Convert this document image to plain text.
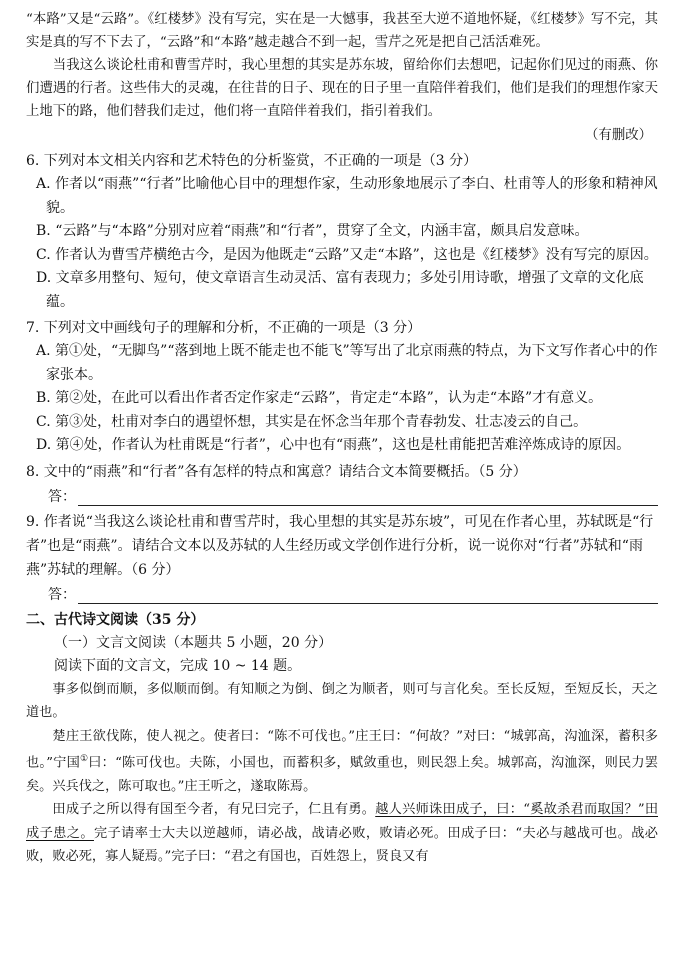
“本路”又是“云路”。《红楼梦》没有写完，实在是一大憾事，我甚至大逆不道地怀疑，《红楼梦》写不完，其实是真的写不下去了，“云路”和“本路”越走越合不到一起，雪芹之死是把自己活活难死。

当我这么谈论杜甫和曹雪芹时，我心里想的其实是苏东坡，留给你们去想吧，记起你们见过的雨燕、你们遭遇的行者。这些伟大的灵魂，在往昔的日子、现在的日子里一直陪伴着我们，他们是我们的理想作家天上地下的路，他们替我们走过，他们将一直陪伴着我们，指引着我们。

（有删改）

6. 下列对本文相关内容和艺术特色的分析鉴赏，不正确的一项是（3 分）

A. 作者以“雨燕”“行者”比喻他心目中的理想作家，生动形象地展示了李白、杜甫等人的形象和精神风貌。

B. “云路”与“本路”分别对应着“雨燕”和“行者”，贯穿了全文，内涵丰富，颇具启发意味。

C. 作者认为曹雪芹横绝古今，是因为他既走“云路”又走“本路”，这也是《红楼梦》没有写完的原因。

D. 文章多用整句、短句，使文章语言生动灵活、富有表现力；多处引用诗歌，增强了文章的文化底蕴。

7. 下列对文中画线句子的理解和分析，不正确的一项是（3 分）

A. 第①处，“无脚鸟”“落到地上既不能走也不能飞”等写出了北京雨燕的特点，为下文写作者心中的作家张本。

B. 第②处，在此可以看出作者否定作家走“云路”，肯定走“本路”，认为走“本路”才有意义。

C. 第③处，杜甫对李白的遇望怀想，其实是在怀念当年那个青春勃发、壮志凌云的自己。

D. 第④处，作者认为杜甫既是“行者”，心中也有“雨燕”，这也是杜甫能把苦难淬炼成诗的原因。

8. 文中的“雨燕”和“行者”各有怎样的特点和寓意？请结合文本简要概括。（5 分）

答：

9. 作者说“当我这么谈论杜甫和曹雪芹时，我心里想的其实是苏东坡”，可见在作者心里，苏轼既是“行者”也是“雨燕”。请结合文本以及苏轼的人生经历或文学创作进行分析，说一说你对“行者”苏轼和“雨燕”苏轼的理解。（6 分）

答：

二、古代诗文阅读（35 分）

（一）文言文阅读（本题共 5 小题，20 分）

阅读下面的文言文，完成 10 ~ 14 题。

事多似倒而顺，多似顺而倒。有知顺之为倒、倒之为顺者，则可与言化矣。至长反短，至短反长，天之道也。

楚庄王欲伐陈，使人视之。使者曰：“陈不可伐也。”庄王曰：“何故？”对曰：“城郭高，沟洫深，蓄积多也。”宁国①曰：“陈可伐也。夫陈，小国也，而蓄积多，赋敛重也，则民怨上矣。城郭高，沟洫深，则民力罢矣。兴兵伐之，陈可取也。”庄王听之，遂取陈焉。

田成子之所以得有国至今者，有兄曰完子，仁且有勇。越人兴师诛田成子，曰：“奚故杀君而取国？”田成子患之。完子请率士大夫以逆越师，请必战，战请必败，败请必死。田成子曰：“夫必与越战可也。战必败，败必死，寡人疑焉。”完子曰：“君之有国也，百姓怨上，贤良又有
